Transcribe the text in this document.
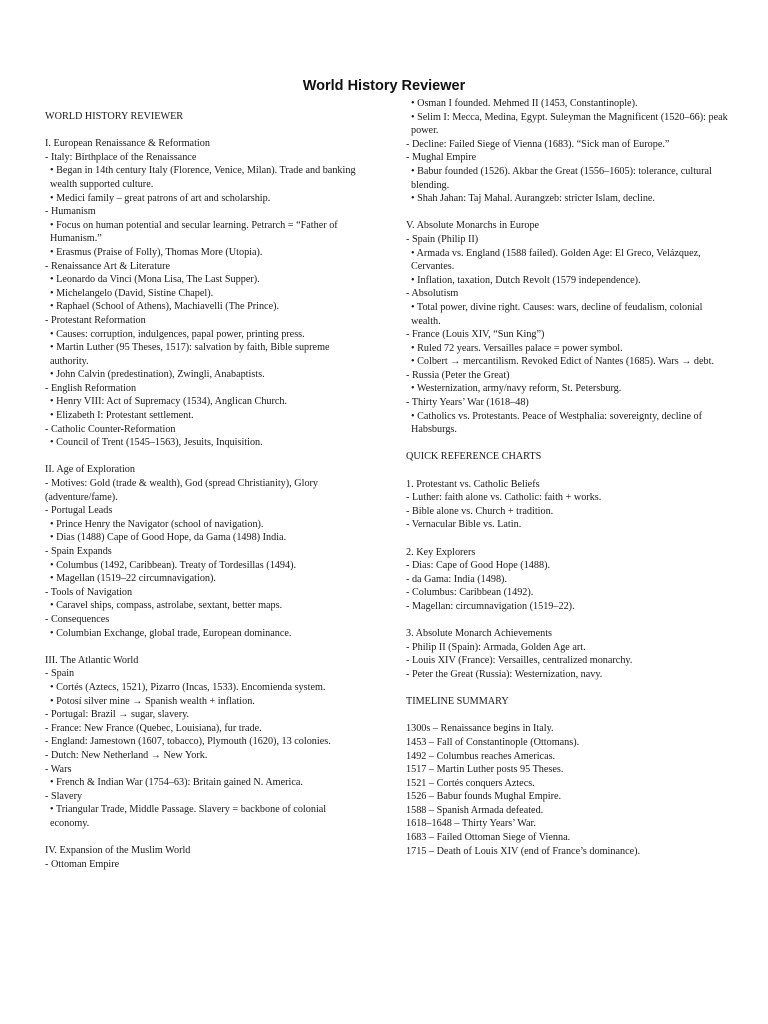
World History Reviewer
WORLD HISTORY REVIEWER
I. European Renaissance & Reformation
- Italy: Birthplace of the Renaissance
• Began in 14th century Italy (Florence, Venice, Milan). Trade and banking wealth supported culture.
• Medici family – great patrons of art and scholarship.
- Humanism
• Focus on human potential and secular learning. Petrarch = “Father of Humanism.”
• Erasmus (Praise of Folly), Thomas More (Utopia).
- Renaissance Art & Literature
• Leonardo da Vinci (Mona Lisa, The Last Supper).
• Michelangelo (David, Sistine Chapel).
• Raphael (School of Athens), Machiavelli (The Prince).
- Protestant Reformation
• Causes: corruption, indulgences, papal power, printing press.
• Martin Luther (95 Theses, 1517): salvation by faith, Bible supreme authority.
• John Calvin (predestination), Zwingli, Anabaptists.
- English Reformation
• Henry VIII: Act of Supremacy (1534), Anglican Church.
• Elizabeth I: Protestant settlement.
- Catholic Counter-Reformation
• Council of Trent (1545–1563), Jesuits, Inquisition.
II. Age of Exploration
- Motives: Gold (trade & wealth), God (spread Christianity), Glory (adventure/fame).
- Portugal Leads
• Prince Henry the Navigator (school of navigation).
• Dias (1488) Cape of Good Hope, da Gama (1498) India.
- Spain Expands
• Columbus (1492, Caribbean). Treaty of Tordesillas (1494).
• Magellan (1519–22 circumnavigation).
- Tools of Navigation
• Caravel ships, compass, astrolabe, sextant, better maps.
- Consequences
• Columbian Exchange, global trade, European dominance.
III. The Atlantic World
- Spain
• Cortés (Aztecs, 1521), Pizarro (Incas, 1533). Encomienda system.
• Potosí silver mine → Spanish wealth + inflation.
- Portugal: Brazil → sugar, slavery.
- France: New France (Quebec, Louisiana), fur trade.
- England: Jamestown (1607, tobacco), Plymouth (1620), 13 colonies.
- Dutch: New Netherland → New York.
- Wars
• French & Indian War (1754–63): Britain gained N. America.
- Slavery
• Triangular Trade, Middle Passage. Slavery = backbone of colonial economy.
IV. Expansion of the Muslim World
- Ottoman Empire
• Osman I founded. Mehmed II (1453, Constantinople).
• Selim I: Mecca, Medina, Egypt. Suleyman the Magnificent (1520–66): peak power.
- Decline: Failed Siege of Vienna (1683). “Sick man of Europe.”
- Mughal Empire
• Babur founded (1526). Akbar the Great (1556–1605): tolerance, cultural blending.
• Shah Jahan: Taj Mahal. Aurangzeb: stricter Islam, decline.
V. Absolute Monarchs in Europe
- Spain (Philip II)
• Armada vs. England (1588 failed). Golden Age: El Greco, Velázquez, Cervantes.
• Inflation, taxation, Dutch Revolt (1579 independence).
- Absolutism
• Total power, divine right. Causes: wars, decline of feudalism, colonial wealth.
- France (Louis XIV, “Sun King”)
• Ruled 72 years. Versailles palace = power symbol.
• Colbert → mercantilism. Revoked Edict of Nantes (1685). Wars → debt.
- Russia (Peter the Great)
• Westernization, army/navy reform, St. Petersburg.
- Thirty Years’ War (1618–48)
• Catholics vs. Protestants. Peace of Westphalia: sovereignty, decline of Habsburgs.
QUICK REFERENCE CHARTS
1. Protestant vs. Catholic Beliefs
- Luther: faith alone vs. Catholic: faith + works.
- Bible alone vs. Church + tradition.
- Vernacular Bible vs. Latin.
2. Key Explorers
- Dias: Cape of Good Hope (1488).
- da Gama: India (1498).
- Columbus: Caribbean (1492).
- Magellan: circumnavigation (1519–22).
3. Absolute Monarch Achievements
- Philip II (Spain): Armada, Golden Age art.
- Louis XIV (France): Versailles, centralized monarchy.
- Peter the Great (Russia): Westernization, navy.
TIMELINE SUMMARY
1300s – Renaissance begins in Italy.
1453 – Fall of Constantinople (Ottomans).
1492 – Columbus reaches Americas.
1517 – Martin Luther posts 95 Theses.
1521 – Cortés conquers Aztecs.
1526 – Babur founds Mughal Empire.
1588 – Spanish Armada defeated.
1618–1648 – Thirty Years’ War.
1683 – Failed Ottoman Siege of Vienna.
1715 – Death of Louis XIV (end of France’s dominance).
